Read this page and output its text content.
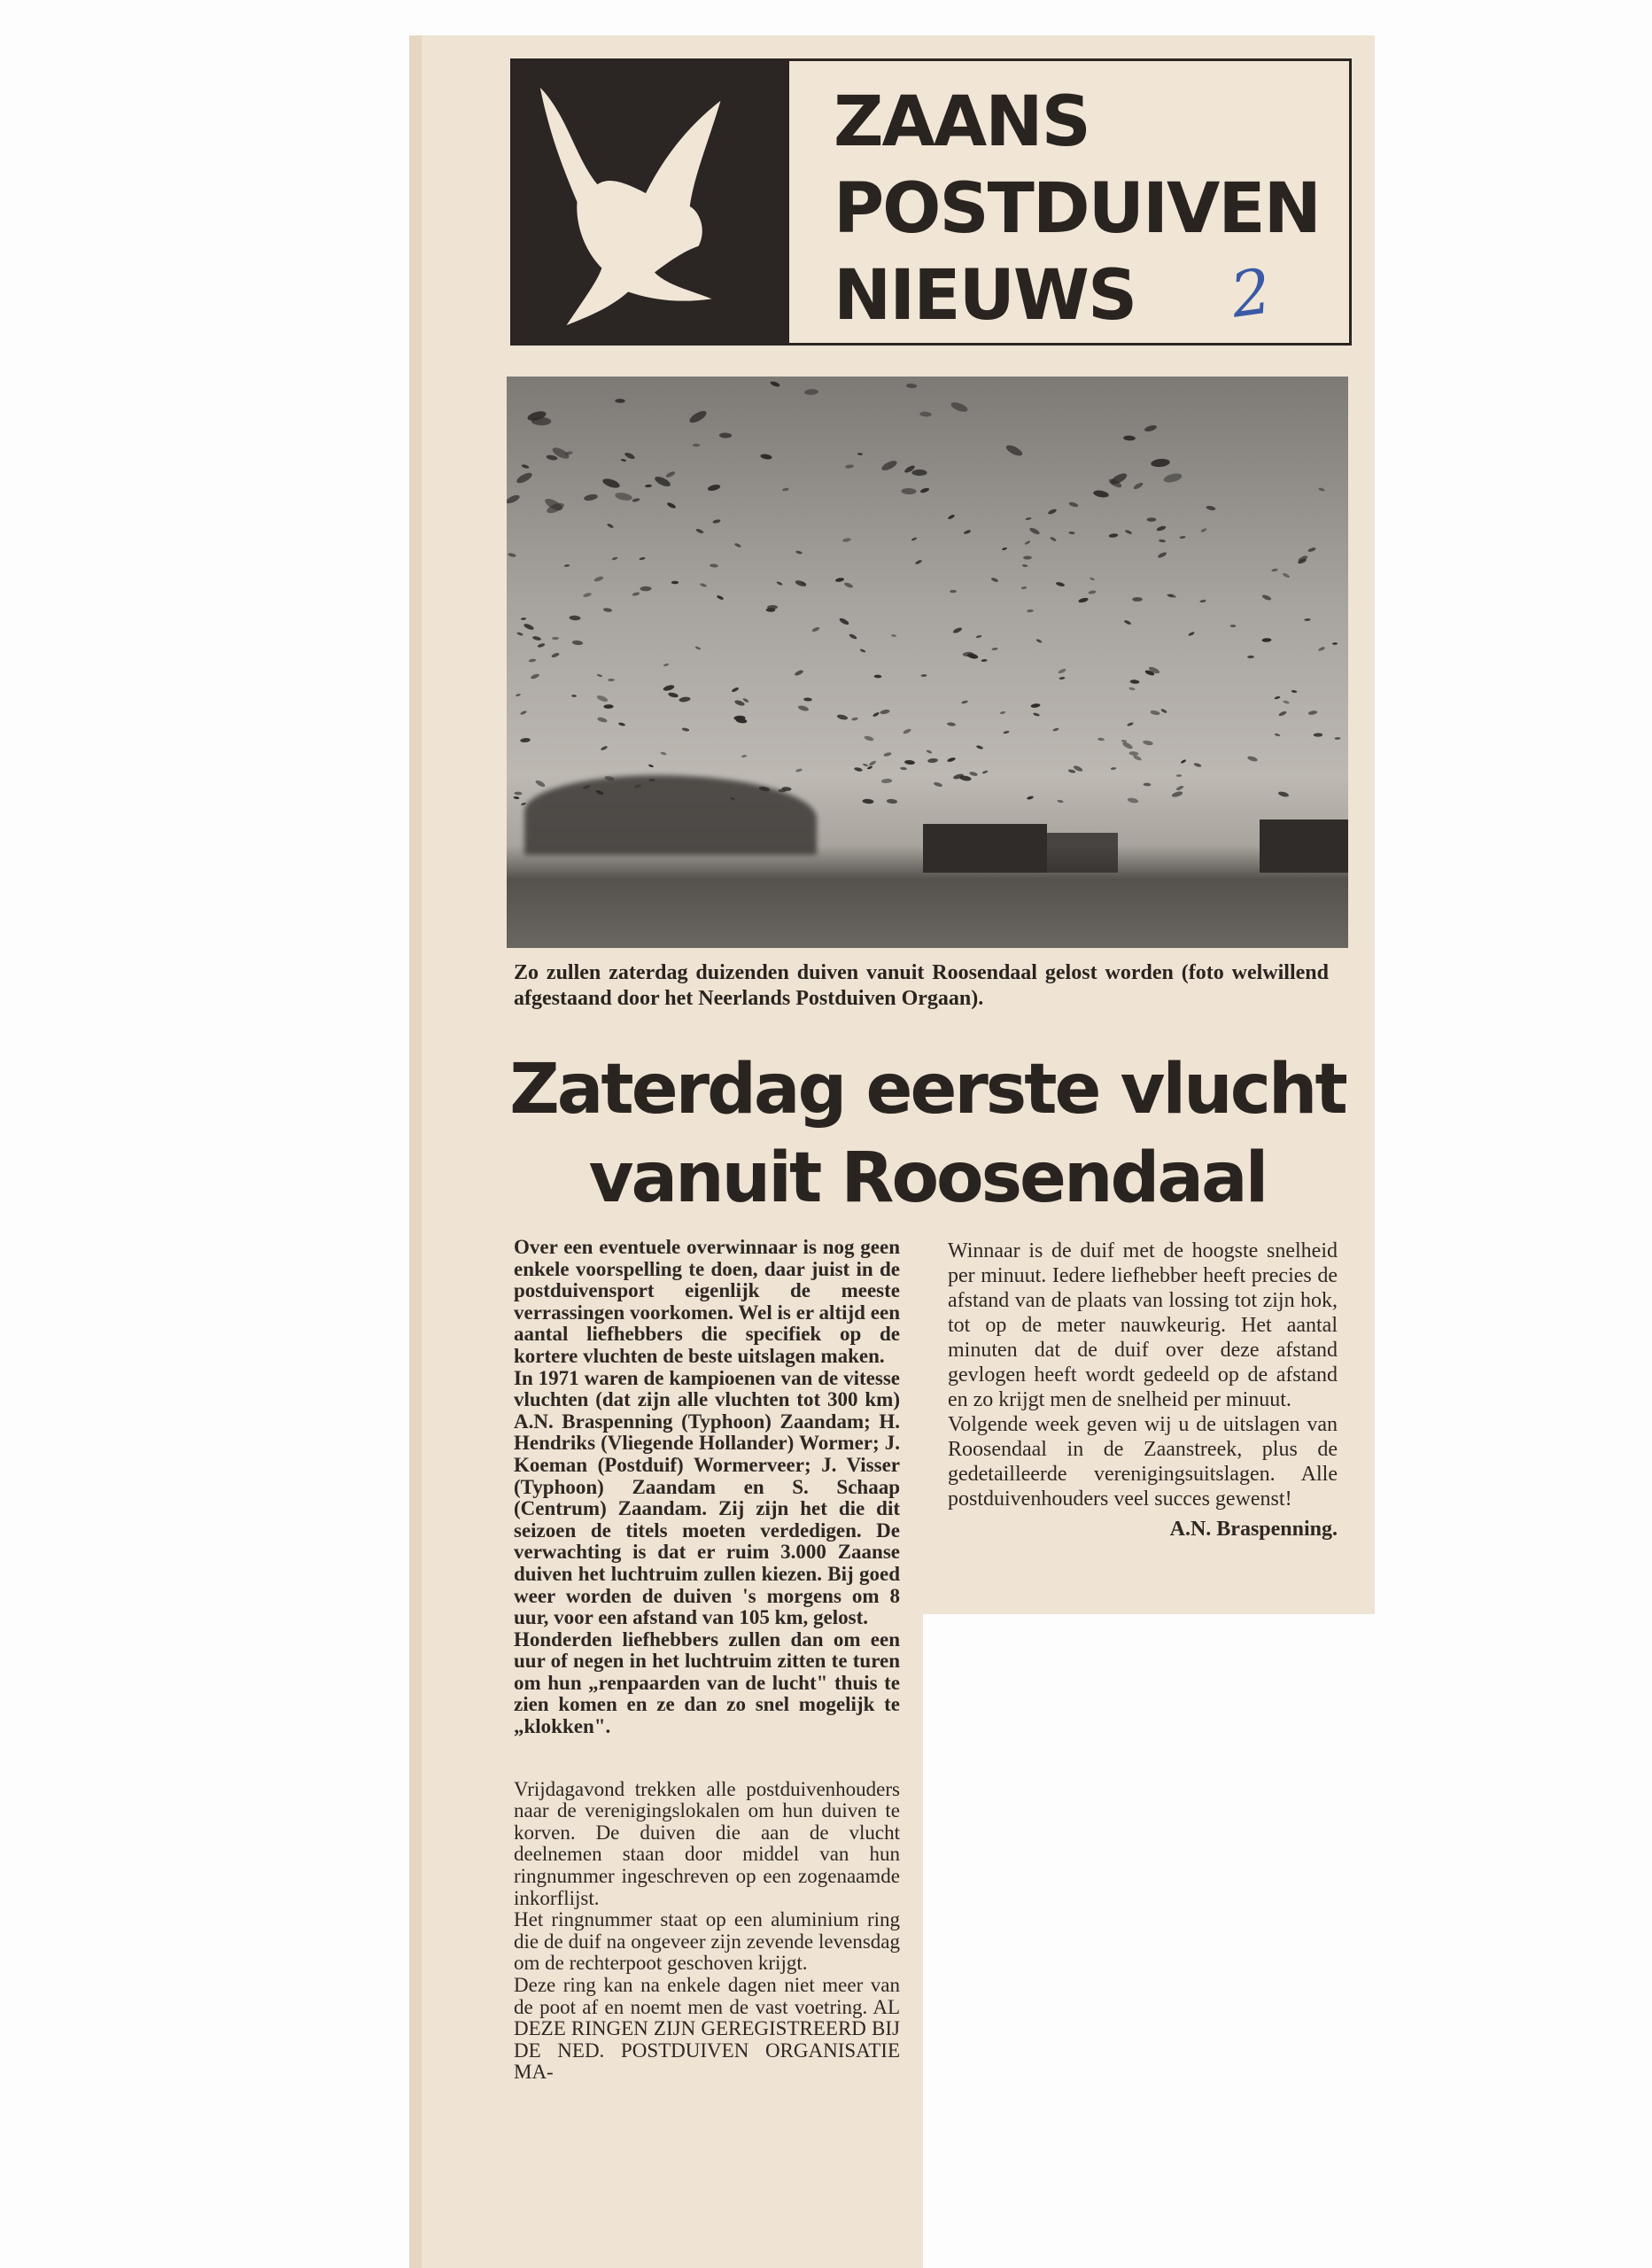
ZAANS
POSTDUIVEN
NIEUWS	2
Zo zullen zaterdag duizenden duiven vanuit Roosendaal gelost worden (foto welwillend afgestaand door het Neerlands Postduiven Orgaan).
Zaterdag eerste vlucht
vanuit Roosendaal

Over een eventuele overwinnaar is nog geen enkele voorspelling te doen, daar juist in de postduivensport eigenlijk de meeste verrassingen voorkomen. Wel is er altijd een aantal liefhebbers die specifiek op de kortere vluchten de beste uitslagen maken.

In 1971 waren de kampioenen van de vitesse vluchten (dat zijn alle vluchten tot 300 km) A.N. Braspenning (Typhoon) Zaandam; H. Hendriks (Vliegende Hollander) Wormer; J. Koeman (Postduif) Wormerveer; J. Visser (Typhoon) Zaandam en S. Schaap (Centrum) Zaandam. Zij zijn het die dit seizoen de titels moeten verdedigen. De verwachting is dat er ruim 3.000 Zaanse duiven het luchtruim zullen kiezen. Bij goed weer worden de duiven 's morgens om 8 uur, voor een afstand van 105 km, gelost.

Honderden liefhebbers zullen dan om een uur of negen in het luchtruim zitten te turen om hun „renpaarden van de lucht" thuis te zien komen en ze dan zo snel mogelijk te „klokken".

Vrijdagavond trekken alle postduivenhouders naar de verenigingslokalen om hun duiven te korven. De duiven die aan de vlucht deelnemen staan door middel van hun ringnummer ingeschreven op een zogenaamde inkorflijst.

Het ringnummer staat op een aluminium ring die de duif na ongeveer zijn zevende levensdag om de rechterpoot geschoven krijgt.

Deze ring kan na enkele dagen niet meer van de poot af en noemt men de vast voetring. AL DEZE RINGEN ZIJN GEREGISTREERD BIJ DE NED. POSTDUIVEN ORGANISATIE MA-

Winnaar is de duif met de hoogste snelheid per minuut. Iedere liefhebber heeft precies de afstand van de plaats van lossing tot zijn hok, tot op de meter nauwkeurig. Het aantal minuten dat de duif over deze afstand gevlogen heeft wordt gedeeld op de afstand en zo krijgt men de snelheid per minuut.

Volgende week geven wij u de uitslagen van Roosendaal in de Zaanstreek, plus de gedetailleerde verenigingsuitslagen. Alle postduivenhouders veel succes gewenst!

A.N. Braspenning.
